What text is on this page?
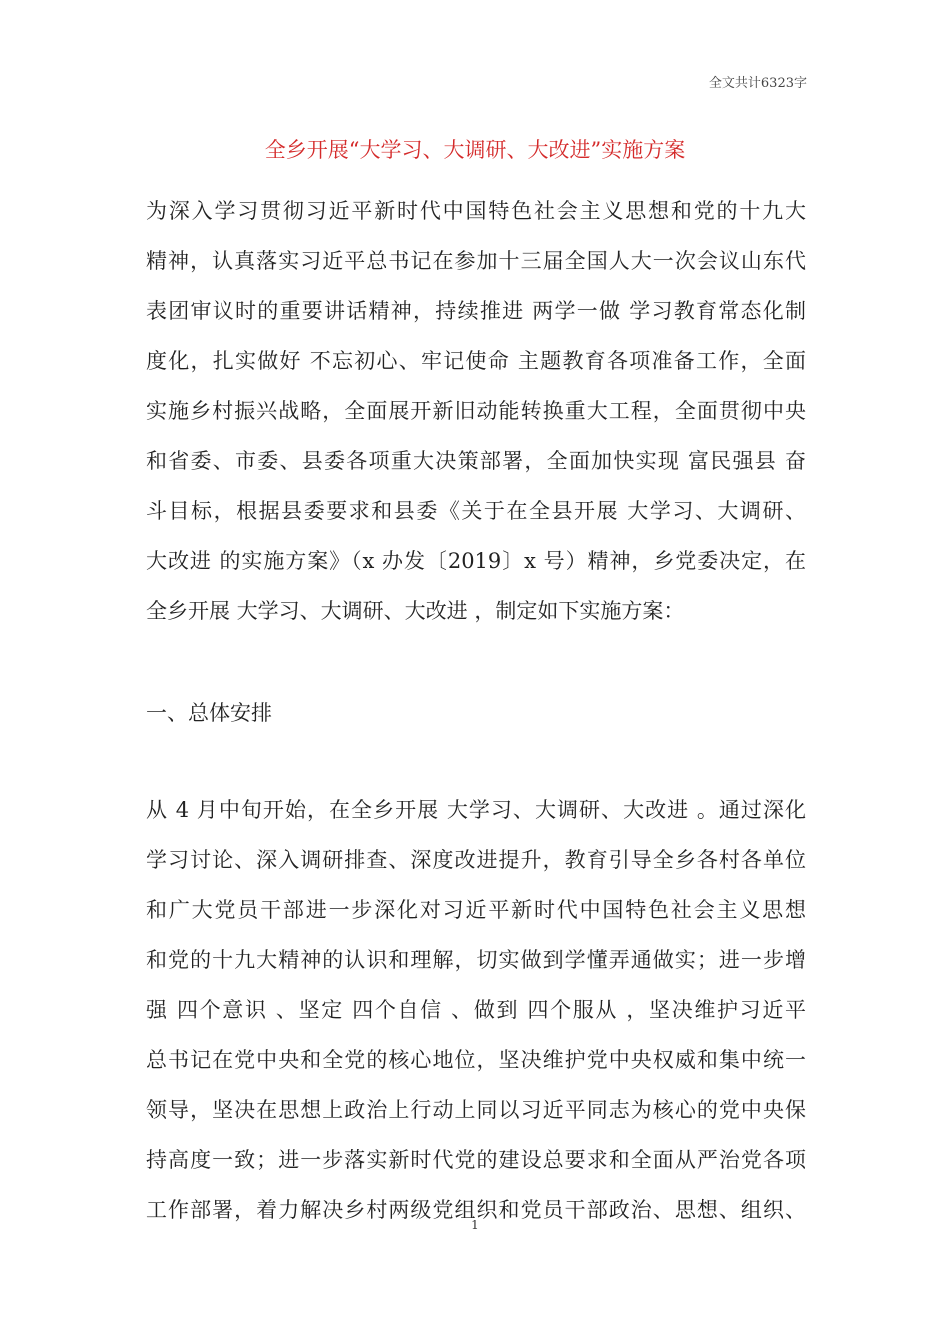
全文共计6323字
全乡开展“大学习、大调研、大改进”实施方案
为深入学习贯彻习近平新时代中国特色社会主义思想和党的十九大
精神，认真落实习近平总书记在参加十三届全国人大一次会议山东代
表团审议时的重要讲话精神，持续推进 两学一做 学习教育常态化制
度化，扎实做好 不忘初心、牢记使命 主题教育各项准备工作，全面
实施乡村振兴战略，全面展开新旧动能转换重大工程，全面贯彻中央
和省委、市委、县委各项重大决策部署，全面加快实现 富民强县 奋
斗目标，根据县委要求和县委《关于在全县开展 大学习、大调研、
大改进 的实施方案》（x 办发〔2019〕x 号）精神，乡党委决定，在
全乡开展 大学习、大调研、大改进 ，制定如下实施方案：
一、总体安排
从 4 月中旬开始，在全乡开展 大学习、大调研、大改进 。通过深化
学习讨论、深入调研排查、深度改进提升，教育引导全乡各村各单位
和广大党员干部进一步深化对习近平新时代中国特色社会主义思想
和党的十九大精神的认识和理解，切实做到学懂弄通做实；进一步增
强 四个意识 、坚定 四个自信 、做到 四个服从 ，坚决维护习近平
总书记在党中央和全党的核心地位，坚决维护党中央权威和集中统一
领导，坚决在思想上政治上行动上同以习近平同志为核心的党中央保
持高度一致；进一步落实新时代党的建设总要求和全面从严治党各项
工作部署，着力解决乡村两级党组织和党员干部政治、思想、组织、
1
